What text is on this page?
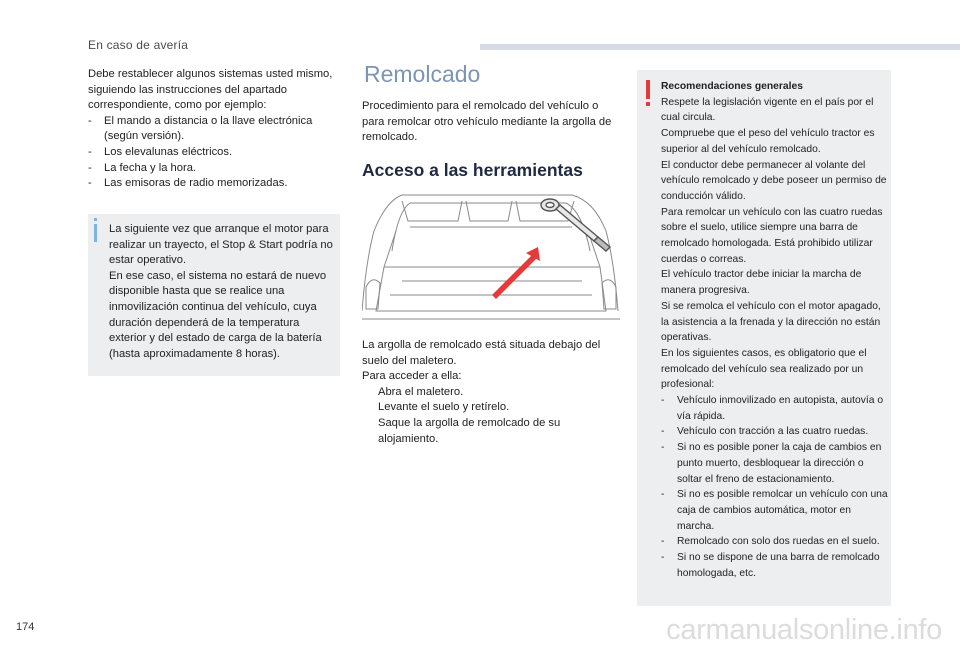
En caso de avería

Debe restablecer algunos sistemas usted mismo, siguiendo las instrucciones del apartado correspondiente, como por ejemplo:

-	El mando a distancia o la llave electrónica (según versión).
-	Los elevalunas eléctricos.
-	La fecha y la hora.
-	Las emisoras de radio memorizadas.
La siguiente vez que arranque el motor para realizar un trayecto, el Stop & Start podría no estar operativo.
En ese caso, el sistema no estará de nuevo disponible hasta que se realice una inmovilización continua del vehículo, cuya duración dependerá de la temperatura exterior y del estado de carga de la batería (hasta aproximadamente 8 horas).
Remolcado

Procedimiento para el remolcado del vehículo o para remolcar otro vehículo mediante la argolla de remolcado.

Acceso a las herramientas

La argolla de remolcado está situada debajo del suelo del maletero.

Para acceder a ella:

Abra el maletero.
Levante el suelo y retírelo.
Saque la argolla de remolcado de su alojamiento.
Recomendaciones generales
Respete la legislación vigente en el país por el cual circula.
Compruebe que el peso del vehículo tractor es superior al del vehículo remolcado.
El conductor debe permanecer al volante del vehículo remolcado y debe poseer un permiso de conducción válido.
Para remolcar un vehículo con las cuatro ruedas sobre el suelo, utilice siempre una barra de remolcado homologada. Está prohibido utilizar cuerdas o correas.
El vehículo tractor debe iniciar la marcha de manera progresiva.
Si se remolca el vehículo con el motor apagado, la asistencia a la frenada y la dirección no están operativas.
En los siguientes casos, es obligatorio que el remolcado del vehículo sea realizado por un profesional:
-	Vehículo inmovilizado en autopista, autovía o vía rápida.
-	Vehículo con tracción a las cuatro ruedas.
-	Si no es posible poner la caja de cambios en punto muerto, desbloquear la dirección o soltar el freno de estacionamiento.
-	Si no es posible remolcar un vehículo con una caja de cambios automática, motor en marcha.
-	Remolcado con solo dos ruedas en el suelo.
-	Si no se dispone de una barra de remolcado homologada, etc.
174	carmanualsonline.info
